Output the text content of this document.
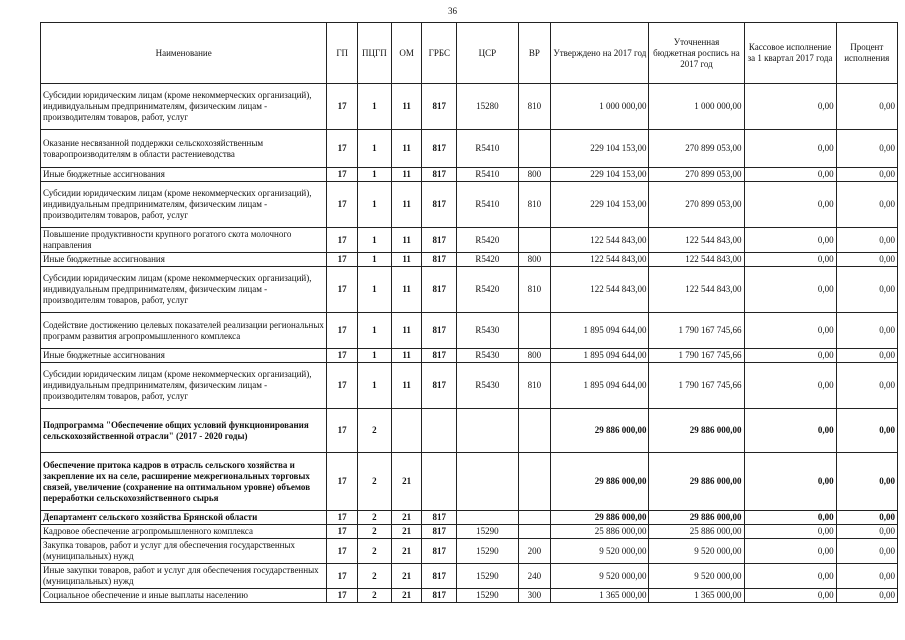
36
Наименование	ГП	ПЦГП	ОМ	ГРБС	ЦСР	ВР	Утверждено на 2017 год	Уточненная бюджетная роспись на 2017 год	Кассовое исполнение за 1 квартал 2017 года	Процент исполнения
Субсидии юридическим лицам (кроме некоммерческих организаций), индивидуальным предпринимателям, физическим лицам - производителям товаров, работ, услуг	17	1	11	817	15280	810	1 000 000,00	1 000 000,00	0,00	0,00
Оказание несвязанной поддержки сельскохозяйственным товаропроизводителям в области растениеводства	17	1	11	817	R5410		229 104 153,00	270 899 053,00	0,00	0,00
Иные бюджетные ассигнования	17	1	11	817	R5410	800	229 104 153,00	270 899 053,00	0,00	0,00
Субсидии юридическим лицам (кроме некоммерческих организаций), индивидуальным предпринимателям, физическим лицам - производителям товаров, работ, услуг	17	1	11	817	R5410	810	229 104 153,00	270 899 053,00	0,00	0,00
Повышение продуктивности крупного рогатого скота молочного направления	17	1	11	817	R5420		122 544 843,00	122 544 843,00	0,00	0,00
Иные бюджетные ассигнования	17	1	11	817	R5420	800	122 544 843,00	122 544 843,00	0,00	0,00
Субсидии юридическим лицам (кроме некоммерческих организаций), индивидуальным предпринимателям, физическим лицам - производителям товаров, работ, услуг	17	1	11	817	R5420	810	122 544 843,00	122 544 843,00	0,00	0,00
Содействие достижению целевых показателей реализации региональных программ развития агропромышленного комплекса	17	1	11	817	R5430		1 895 094 644,00	1 790 167 745,66	0,00	0,00
Иные бюджетные ассигнования	17	1	11	817	R5430	800	1 895 094 644,00	1 790 167 745,66	0,00	0,00
Субсидии юридическим лицам (кроме некоммерческих организаций), индивидуальным предпринимателям, физическим лицам - производителям товаров, работ, услуг	17	1	11	817	R5430	810	1 895 094 644,00	1 790 167 745,66	0,00	0,00
Подпрограмма "Обеспечение общих условий функционирования сельскохозяйственной отрасли" (2017 - 2020 годы)	17	2					29 886 000,00	29 886 000,00	0,00	0,00
Обеспечение притока кадров в отрасль сельского хозяйства и закрепление их на селе, расширение межрегиональных торговых связей, увеличение (сохранение на оптимальном уровне) объемов переработки сельскохозяйственного сырья	17	2	21				29 886 000,00	29 886 000,00	0,00	0,00
Департамент сельского хозяйства Брянской области	17	2	21	817			29 886 000,00	29 886 000,00	0,00	0,00
Кадровое обеспечение агропромышленного комплекса	17	2	21	817	15290		25 886 000,00	25 886 000,00	0,00	0,00
Закупка товаров, работ и услуг для обеспечения государственных (муниципальных) нужд	17	2	21	817	15290	200	9 520 000,00	9 520 000,00	0,00	0,00
Иные закупки товаров, работ и услуг для обеспечения государственных (муниципальных) нужд	17	2	21	817	15290	240	9 520 000,00	9 520 000,00	0,00	0,00
Социальное обеспечение и иные выплаты населению	17	2	21	817	15290	300	1 365 000,00	1 365 000,00	0,00	0,00
